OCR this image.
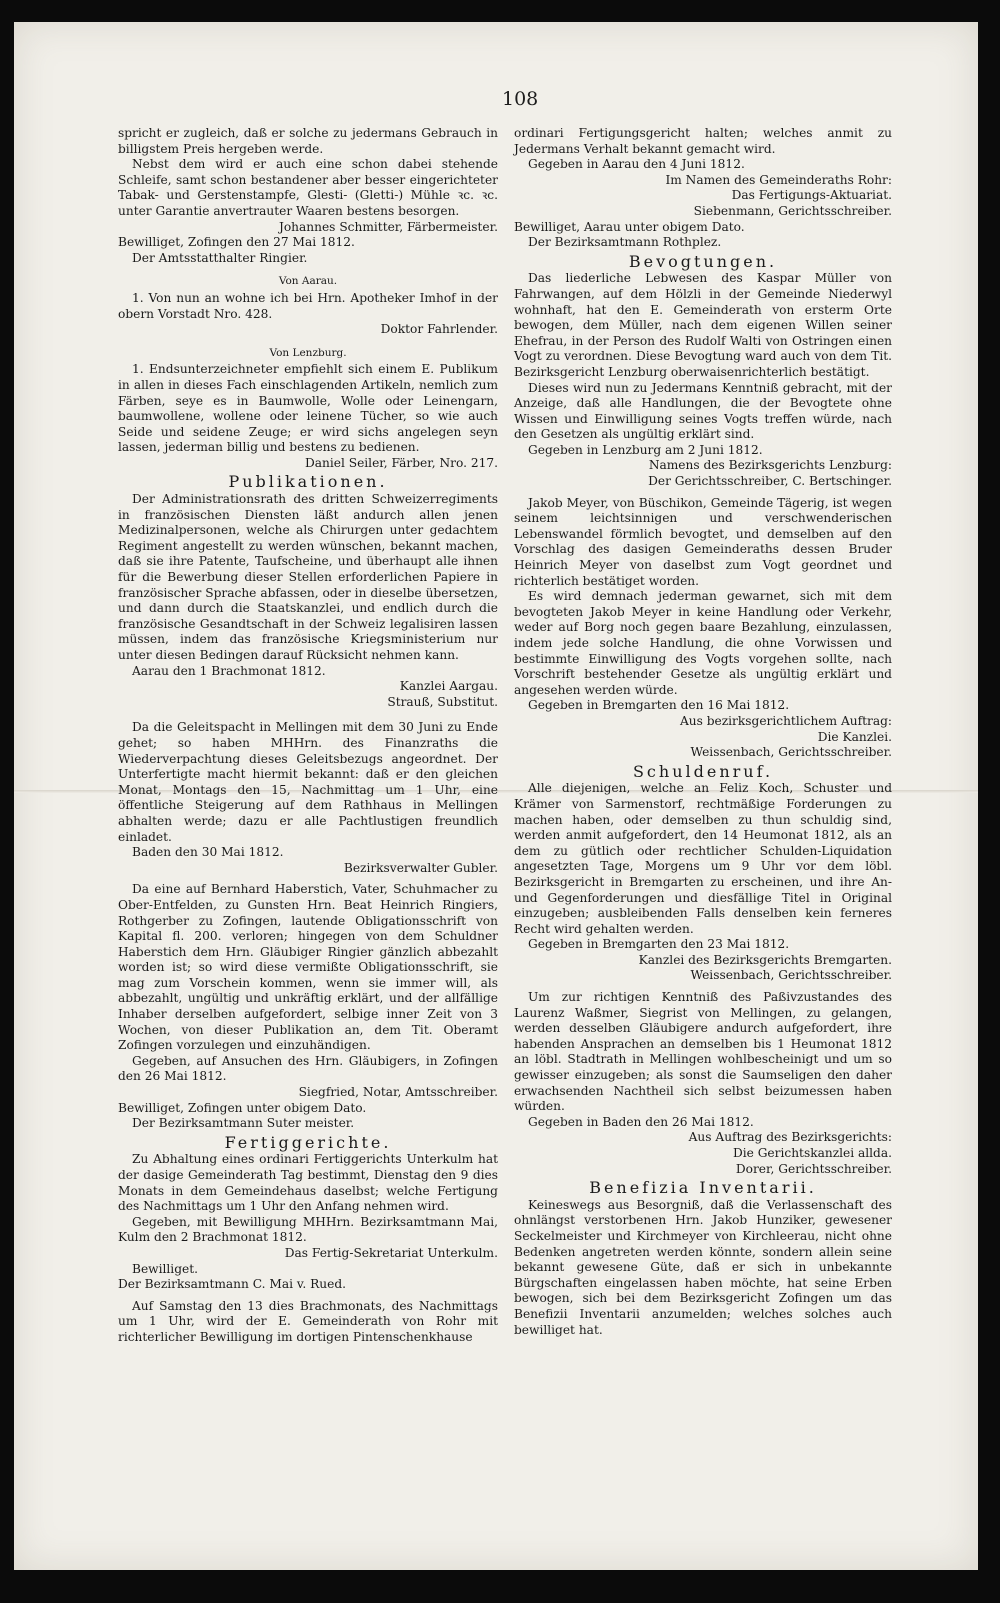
108

spricht er zugleich, daß er solche zu jedermans Gebrauch in billigstem Preis hergeben werde.

Nebst dem wird er auch eine schon dabei stehende Schleife, samt schon bestandener aber besser eingerichteter Tabak- und Gerstenstampfe, Glesti- (Gletti-) Mühle ꝛc. ꝛc. unter Garantie anvertrauter Waaren bestens besorgen.

Johannes Schmitter, Färbermeister.

Bewilliget, Zofingen den 27 Mai 1812.

Der Amtsstatthalter Ringier.

Von Aarau.

1. Von nun an wohne ich bei Hrn. Apotheker Imhof in der obern Vorstadt Nro. 428.

Doktor Fahrlender.

Von Lenzburg.

1. Endsunterzeichneter empfiehlt sich einem E. Publikum in allen in dieses Fach einschlagenden Artikeln, nemlich zum Färben, seye es in Baumwolle, Wolle oder Leinengarn, baumwollene, wollene oder leinene Tücher, so wie auch Seide und seidene Zeuge; er wird sichs angelegen seyn lassen, jederman billig und bestens zu bedienen.

Daniel Seiler, Färber, Nro. 217.

Publikationen.

Der Administrationsrath des dritten Schweizerregiments in französischen Diensten läßt andurch allen jenen Medizinalpersonen, welche als Chirurgen unter gedachtem Regiment angestellt zu werden wünschen, bekannt machen, daß sie ihre Patente, Taufscheine, und überhaupt alle ihnen für die Bewerbung dieser Stellen erforderlichen Papiere in französischer Sprache abfassen, oder in dieselbe übersetzen, und dann durch die Staatskanzlei, und endlich durch die französische Gesandtschaft in der Schweiz legalisiren lassen müssen, indem das französische Kriegsministerium nur unter diesen Bedingen darauf Rücksicht nehmen kann.

Aarau den 1 Brachmonat 1812.

Kanzlei Aargau.

Strauß, Substitut.

Da die Geleitspacht in Mellingen mit dem 30 Juni zu Ende gehet; so haben MHHrn. des Finanzraths die Wiederverpachtung dieses Geleitsbezugs angeordnet. Der Unterfertigte macht hiermit bekannt: daß er den gleichen Monat, Montags den 15, Nachmittag um 1 Uhr, eine öffentliche Steigerung auf dem Rathhaus in Mellingen abhalten werde; dazu er alle Pachtlustigen freundlich einladet.

Baden den 30 Mai 1812.

Bezirksverwalter Gubler.

Da eine auf Bernhard Haberstich, Vater, Schuhmacher zu Ober-Entfelden, zu Gunsten Hrn. Beat Heinrich Ringiers, Rothgerber zu Zofingen, lautende Obligationsschrift von Kapital fl. 200. verloren; hingegen von dem Schuldner Haberstich dem Hrn. Gläubiger Ringier gänzlich abbezahlt worden ist; so wird diese vermißte Obligationsschrift, sie mag zum Vorschein kommen, wenn sie immer will, als abbezahlt, ungültig und unkräftig erklärt, und der allfällige Inhaber derselben aufgefordert, selbige inner Zeit von 3 Wochen, von dieser Publikation an, dem Tit. Oberamt Zofingen vorzulegen und einzuhändigen.

Gegeben, auf Ansuchen des Hrn. Gläubigers, in Zofingen den 26 Mai 1812.

Siegfried, Notar, Amtsschreiber.

Bewilliget, Zofingen unter obigem Dato.

Der Bezirksamtmann Suter meister.

Fertiggerichte.

Zu Abhaltung eines ordinari Fertiggerichts Unterkulm hat der dasige Gemeinderath Tag bestimmt, Dienstag den 9 dies Monats in dem Gemeindehaus daselbst; welche Fertigung des Nachmittags um 1 Uhr den Anfang nehmen wird.

Gegeben, mit Bewilligung MHHrn. Bezirksamtmann Mai, Kulm den 2 Brachmonat 1812.

Das Fertig-Sekretariat Unterkulm.

Bewilliget.

Der Bezirksamtmann C. Mai v. Rued.

Auf Samstag den 13 dies Brachmonats, des Nachmittags um 1 Uhr, wird der E. Gemeinderath von Rohr mit richterlicher Bewilligung im dortigen Pintenschenkhause

ordinari Fertigungsgericht halten; welches anmit zu Jedermans Verhalt bekannt gemacht wird.

Gegeben in Aarau den 4 Juni 1812.

Im Namen des Gemeinderaths Rohr:

Das Fertigungs-Aktuariat.

Siebenmann, Gerichtsschreiber.

Bewilliget, Aarau unter obigem Dato.

Der Bezirksamtmann Rothplez.

Bevogtungen.

Das liederliche Lebwesen des Kaspar Müller von Fahrwangen, auf dem Hölzli in der Gemeinde Niederwyl wohnhaft, hat den E. Gemeinderath von ersterm Orte bewogen, dem Müller, nach dem eigenen Willen seiner Ehefrau, in der Person des Rudolf Walti von Ostringen einen Vogt zu verordnen. Diese Bevogtung ward auch von dem Tit. Bezirksgericht Lenzburg oberwaisenrichterlich bestätigt.

Dieses wird nun zu Jedermans Kenntniß gebracht, mit der Anzeige, daß alle Handlungen, die der Bevogtete ohne Wissen und Einwilligung seines Vogts treffen würde, nach den Gesetzen als ungültig erklärt sind.

Gegeben in Lenzburg am 2 Juni 1812.

Namens des Bezirksgerichts Lenzburg:

Der Gerichtsschreiber, C. Bertschinger.

Jakob Meyer, von Büschikon, Gemeinde Tägerig, ist wegen seinem leichtsinnigen und verschwenderischen Lebenswandel förmlich bevogtet, und demselben auf den Vorschlag des dasigen Gemeinderaths dessen Bruder Heinrich Meyer von daselbst zum Vogt geordnet und richterlich bestätiget worden.

Es wird demnach jederman gewarnet, sich mit dem bevogteten Jakob Meyer in keine Handlung oder Verkehr, weder auf Borg noch gegen baare Bezahlung, einzulassen, indem jede solche Handlung, die ohne Vorwissen und bestimmte Einwilligung des Vogts vorgehen sollte, nach Vorschrift bestehender Gesetze als ungültig erklärt und angesehen werden würde.

Gegeben in Bremgarten den 16 Mai 1812.

Aus bezirksgerichtlichem Auftrag:

Die Kanzlei.

Weissenbach, Gerichtsschreiber.

Schuldenruf.

Alle diejenigen, welche an Feliz Koch, Schuster und Krämer von Sarmenstorf, rechtmäßige Forderungen zu machen haben, oder demselben zu thun schuldig sind, werden anmit aufgefordert, den 14 Heumonat 1812, als an dem zu gütlich oder rechtlicher Schulden-Liquidation angesetzten Tage, Morgens um 9 Uhr vor dem löbl. Bezirksgericht in Bremgarten zu erscheinen, und ihre An- und Gegenforderungen und diesfällige Titel in Original einzugeben; ausbleibenden Falls denselben kein ferneres Recht wird gehalten werden.

Gegeben in Bremgarten den 23 Mai 1812.

Kanzlei des Bezirksgerichts Bremgarten.

Weissenbach, Gerichtsschreiber.

Um zur richtigen Kenntniß des Paßivzustandes des Laurenz Waßmer, Siegrist von Mellingen, zu gelangen, werden desselben Gläubigere andurch aufgefordert, ihre habenden Ansprachen an demselben bis 1 Heumonat 1812 an löbl. Stadtrath in Mellingen wohlbescheinigt und um so gewisser einzugeben; als sonst die Saumseligen den daher erwachsenden Nachtheil sich selbst beizumessen haben würden.

Gegeben in Baden den 26 Mai 1812.

Aus Auftrag des Bezirksgerichts:

Die Gerichtskanzlei allda.

Dorer, Gerichtsschreiber.

Benefizia Inventarii.

Keineswegs aus Besorgniß, daß die Verlassenschaft des ohnlängst verstorbenen Hrn. Jakob Hunziker, gewesener Seckelmeister und Kirchmeyer von Kirchleerau, nicht ohne Bedenken angetreten werden könnte, sondern allein seine bekannt gewesene Güte, daß er sich in unbekannte Bürgschaften eingelassen haben möchte, hat seine Erben bewogen, sich bei dem Bezirksgericht Zofingen um das Benefizii Inventarii anzumelden; welches solches auch bewilliget hat.
